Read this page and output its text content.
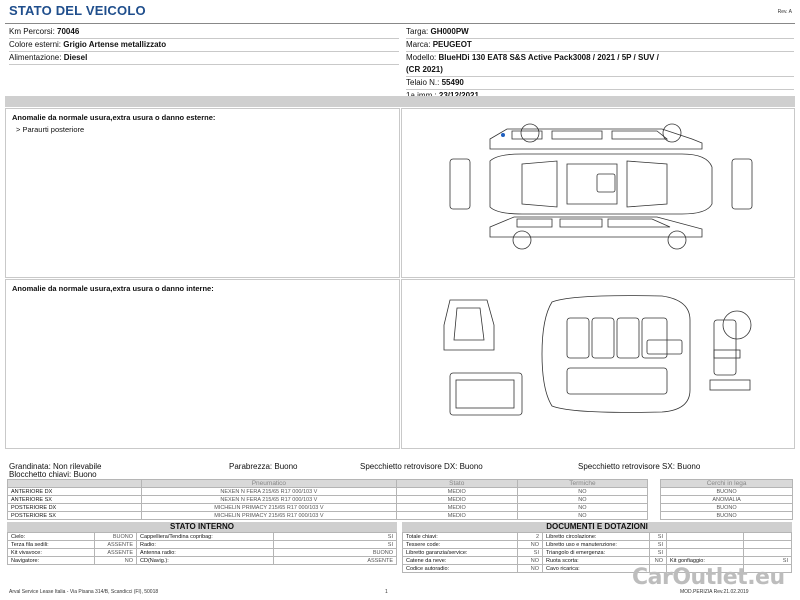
STATO DEL VEICOLO	Rev. A
Km Percorsi: 70046
Colore esterni: Grigio Artense metallizzato
Alimentazione: Diesel
Targa: GH000PW
Marca: PEUGEOT
Modello: BlueHDi 130 EAT8 S&S Active Pack3008 / 2021 / 5P / SUV /
(CR 2021)
Telaio N.: 55490
Anomalie da normale usura,extra usura o danno esterne:
> Paraurti posteriore
Anomalie da normale usura,extra usura o danno interne:
Grandinata: Non rilevabile
Blocchetto chiavi: Buono
Parabrezza: Buono	Specchietto retrovisore DX: Buono	Specchietto retrovisore SX: Buono
	Pneumatico	Stato	Termiche		Cerchi in lega
ANTERIORE DX	NEXEN N FERA 215/65 R17 000/103 V	MEDIO	NO		BUONO
ANTERIORE SX	NEXEN N FERA 215/65 R17 000/103 V	MEDIO	NO		ANOMALIA
POSTERIORE DX	MICHELIN PRIMACY 215/65 R17 000/103 V	MEDIO	NO		BUONO
POSTERIORE SX	MICHELIN PRIMACY 215/65 R17 000/103 V	MEDIO	NO		BUONO
STATO INTERNO
Cielo:	BUONO	Cappelliera/Tendina copribag:	SI
Terza fila sedili:	ASSENTE	Radio:	SI
Kit vivavoce:	ASSENTE	Antenna radio:	BUONO
Navigatore:	NO	CD(Navig.):	ASSENTE
DOCUMENTI E DOTAZIONI
Totale chiavi:	2	Libretto circolazione:	SI		
Tessere code:	NO	Libretto uso e manutenzione:	SI		
Libretto garanzia/service:	SI	Triangolo di emergenza:	SI		
Catene da neve:	NO	Ruota scorta:	NO	Kit gonfiaggio:	SI
Codice autoradio:	NO	Cavo ricarica:			
Arval Service Lease Italia - Via Pisana 314/B, Scandicci (FI), 50018	1	MOD.PERIZIA Rev.21.02.2019
CarOutlet.eu
